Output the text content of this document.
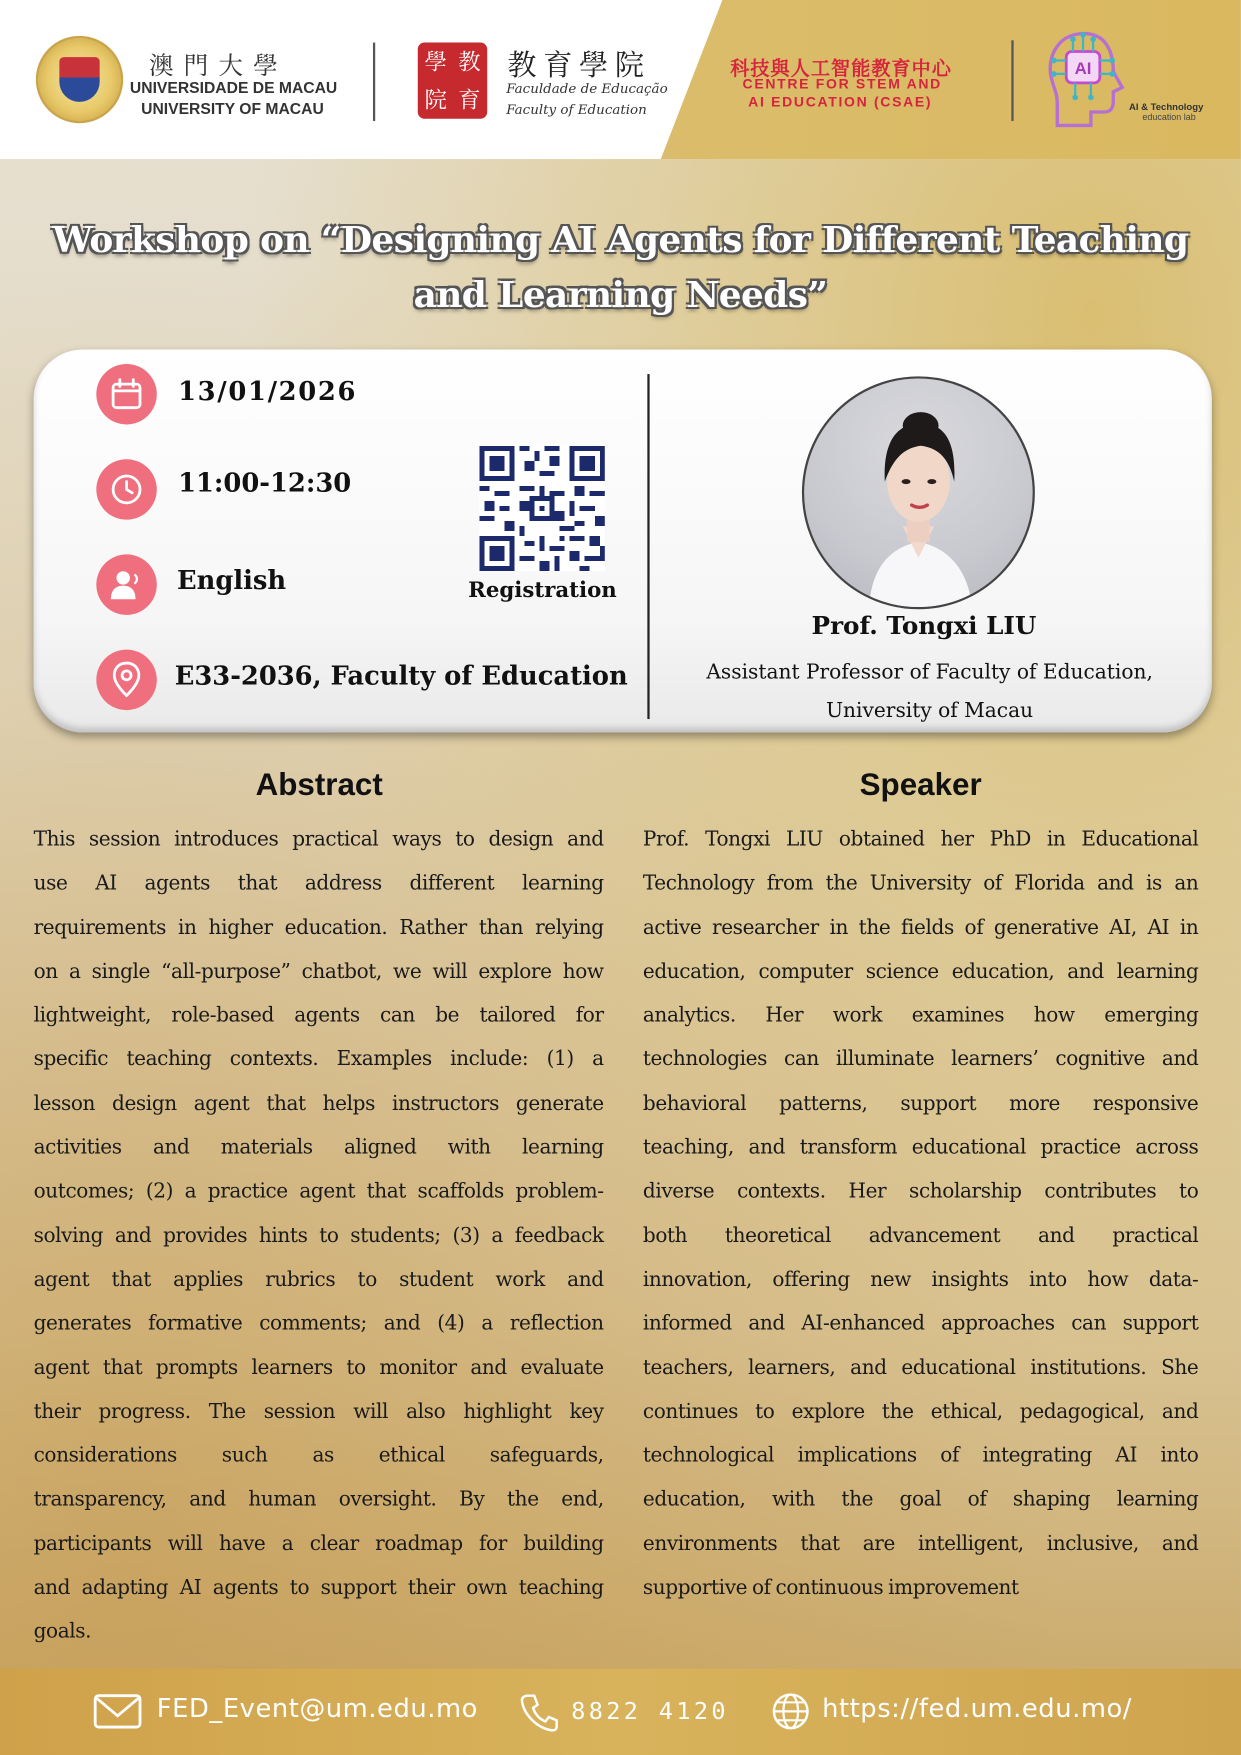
澳門大學
UNIVERSIDADE DE MACAU
UNIVERSITY OF MACAU
學 教
院 育
教育學院
Faculdade de Educação
Faculty of Education
科技與人工智能教育中心
CENTRE FOR STEM AND
AI EDUCATION (CSAE)
AI
AI & Technology
education lab
Workshop on “Designing AI Agents for Different Teaching
and Learning Needs”
13/01/2026
11:00-12:30
English
E33-2036, Faculty of Education
Registration
Prof. Tongxi LIU
Assistant Professor of Faculty of Education,
University of Macau
Abstract
This session introduces practical ways to design and
use AI agents that address different learning
requirements in higher education. Rather than relying
on a single “all-purpose” chatbot, we will explore how
lightweight, role-based agents can be tailored for
specific teaching contexts. Examples include: (1) a
lesson design agent that helps instructors generate
activities and materials aligned with learning
outcomes; (2) a practice agent that scaffolds problem-
solving and provides hints to students; (3) a feedback
agent that applies rubrics to student work and
generates formative comments; and (4) a reflection
agent that prompts learners to monitor and evaluate
their progress. The session will also highlight key
considerations such as ethical safeguards,
transparency, and human oversight. By the end,
participants will have a clear roadmap for building
and adapting AI agents to support their own teaching
goals.
Speaker
Prof. Tongxi LIU obtained her PhD in Educational
Technology from the University of Florida and is an
active researcher in the fields of generative AI, AI in
education, computer science education, and learning
analytics. Her work examines how emerging
technologies can illuminate learners’ cognitive and
behavioral patterns, support more responsive
teaching, and transform educational practice across
diverse contexts. Her scholarship contributes to
both theoretical advancement and practical
innovation, offering new insights into how data-
informed and AI-enhanced approaches can support
teachers, learners, and educational institutions. She
continues to explore the ethical, pedagogical, and
technological implications of integrating AI into
education, with the goal of shaping learning
environments that are intelligent, inclusive, and
supportive of continuous improvement
FED_Event@um.edu.mo	8822 4120	https://fed.um.edu.mo/
